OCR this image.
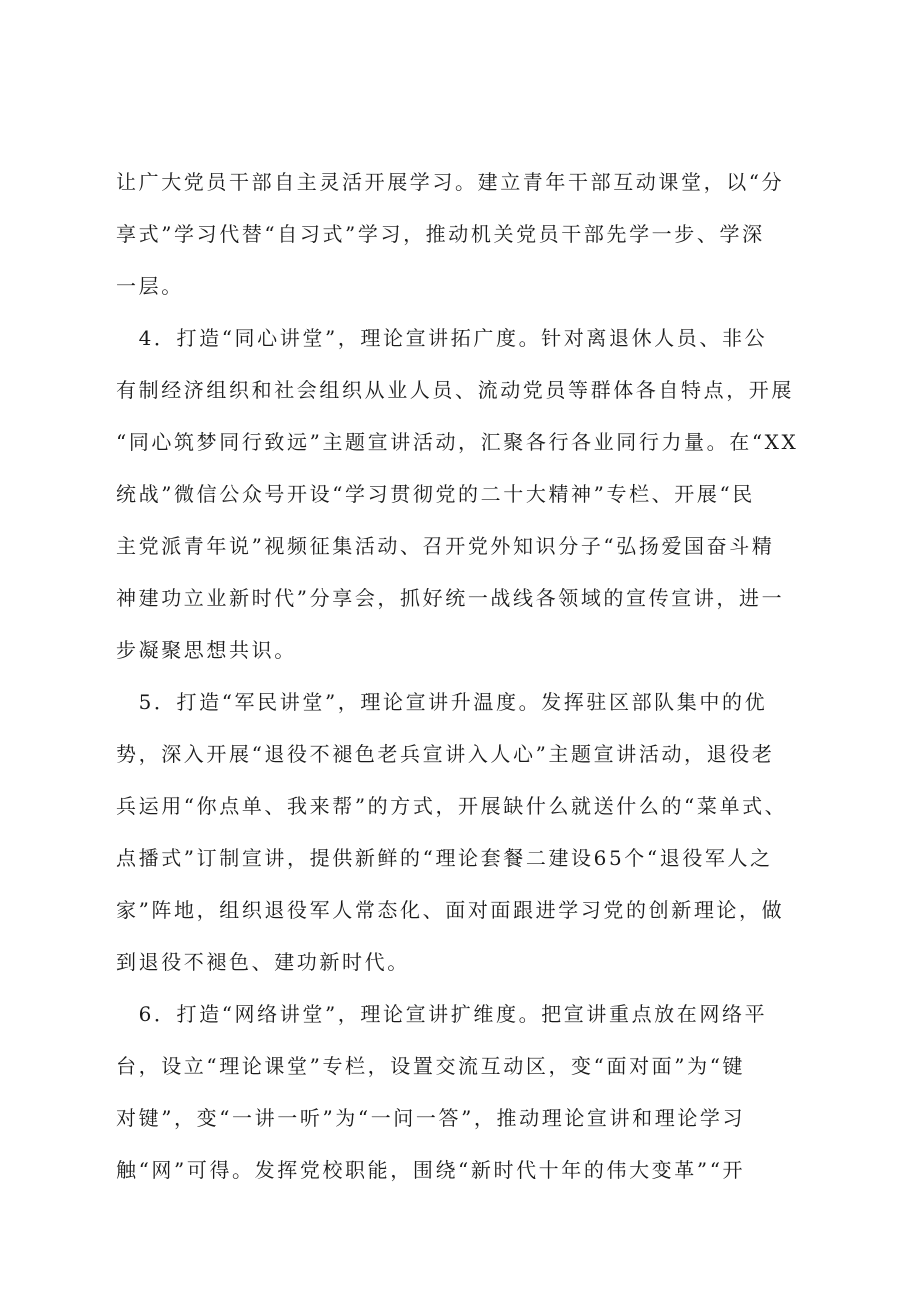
让广大党员干部自主灵活开展学习。建立青年干部互动课堂，以“分
享式”学习代替“自习式”学习，推动机关党员干部先学一步、学深
一层。
　4．打造“同心讲堂”，理论宣讲拓广度。针对离退休人员、非公
有制经济组织和社会组织从业人员、流动党员等群体各自特点，开展
“同心筑梦同行致远”主题宣讲活动，汇聚各行各业同行力量。在“XX
统战”微信公众号开设“学习贯彻党的二十大精神”专栏、开展“民
主党派青年说”视频征集活动、召开党外知识分子“弘扬爱国奋斗精
神建功立业新时代”分享会，抓好统一战线各领域的宣传宣讲，进一
步凝聚思想共识。
　5．打造“军民讲堂”，理论宣讲升温度。发挥驻区部队集中的优
势，深入开展“退役不褪色老兵宣讲入人心”主题宣讲活动，退役老
兵运用“你点单、我来帮”的方式，开展缺什么就送什么的“菜单式、
点播式”订制宣讲，提供新鲜的“理论套餐二建设65个“退役军人之
家”阵地，组织退役军人常态化、面对面跟进学习党的创新理论，做
到退役不褪色、建功新时代。
　6．打造“网络讲堂”，理论宣讲扩维度。把宣讲重点放在网络平
台，设立“理论课堂”专栏，设置交流互动区，变“面对面”为“键
对键”，变“一讲一听”为“一问一答”，推动理论宣讲和理论学习
触“网”可得。发挥党校职能，围绕“新时代十年的伟大变革”“开
